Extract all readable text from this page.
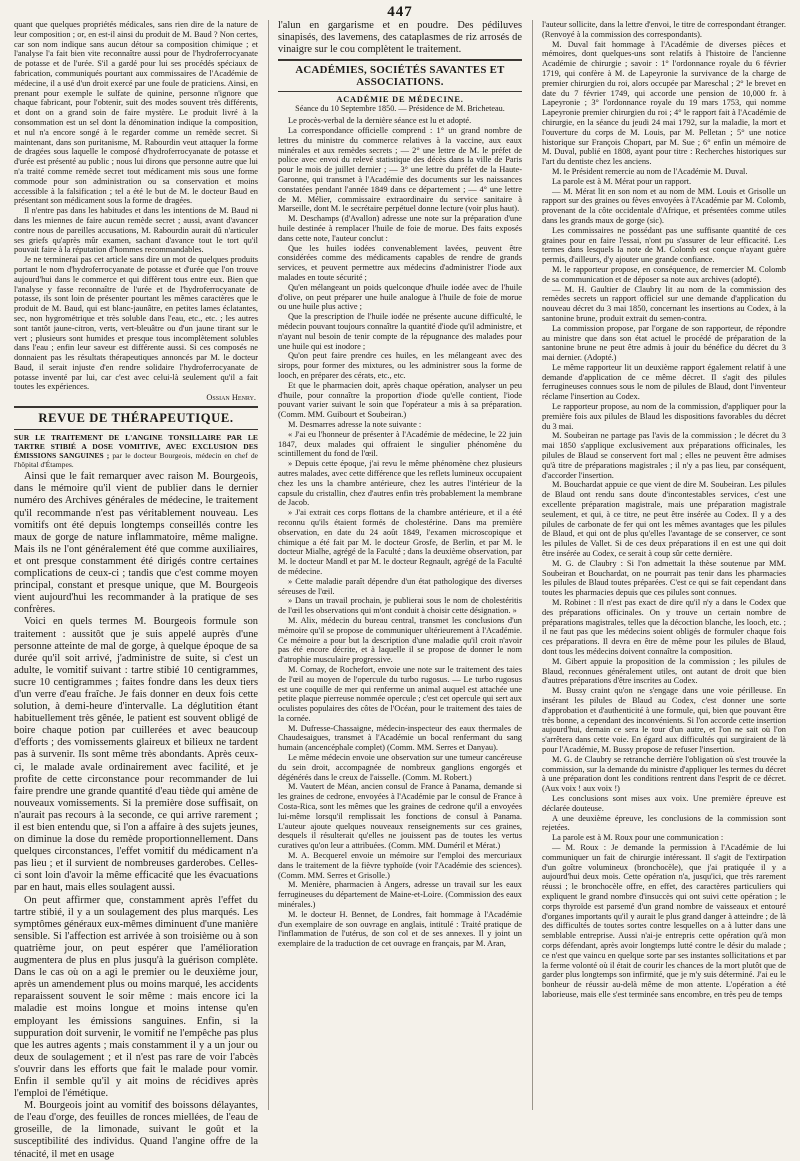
447

quant que quelques propriétés médicales, sans rien dire de la nature de leur composition ; or, en est-il ainsi du produit de M. Baud ? Non certes, car son nom indique sans aucun détour sa composition chimique ; et l'analyse l'a fait bien vite reconnaître aussi pour de l'hydroferrocyanate de potasse et de l'urée. S'il a gardé pour lui ses procédés spéciaux de fabrication, communiqués pourtant aux commissaires de l'Académie de médecine, il a usé d'un droit exercé par une foule de praticiens. Ainsi, en prenant pour exemple le sulfate de quinine, personne n'ignore que chaque fabricant, pour l'obtenir, suit des modes souvent très différents, et dont on a grand soin de faire mystère. Le produit livré à la consommation est un sel dont la dénomination indique la composition, et nul n'a encore songé à le regarder comme un remède secret. Si maintenant, dans son puritanisme, M. Rabourdin veut attaquer la forme de dragées sous laquelle le composé d'hydroferrocyanate de potasse et d'urée est présenté au public ; nous lui dirons que personne autre que lui n'a traité comme remède secret tout médicament mis sous une forme commode pour son administration ou sa conservation et moins accessible à la falsification ; tel a été le but de M. le docteur Baud en présentant son médicament sous la forme de dragées.

Il n'entre pas dans les habitudes et dans les intentions de M. Baud ni dans les miennes de faire aucun remède secret ; aussi, avant d'avancer contre nous de pareilles accusations, M. Rabourdin aurait dû n'articuler ses griefs qu'après mûr examen, sachant d'avance tout le tort qu'il pouvait faire à la réputation d'hommes recommandables.

Je ne terminerai pas cet article sans dire un mot de quelques produits portant le nom d'hydroferrocyanate de potasse et d'urée que l'on trouve aujourd'hui dans le commerce et qui diffèrent tous entre eux. Bien que l'analyse y fasse reconnaître de l'urée et de l'hydroferrocyanate de potasse, ils sont loin de présenter pourtant les mêmes caractères que le produit de M. Baud, qui est blanc-jaunâtre, en petites lames éclatantes, sec, non hygrométrique et très soluble dans l'eau, etc., etc. ; les autres sont tantôt jaune-citron, verts, vert-bleuâtre ou d'un jaune tirant sur le vert ; plusieurs sont humides et presque tous incomplètement solubles dans l'eau ; enfin leur saveur est différente aussi. Si ces composés ne donnaient pas les résultats thérapeutiques annoncés par M. le docteur Baud, il serait injuste d'en rendre solidaire l'hydroferrocyanate de potasse inventé par lui, car c'est avec celui-là seulement qu'il a fait toutes les expériences.

Ossian Henry.
REVUE DE THÉRAPEUTIQUE.
SUR LE TRAITEMENT DE L'ANGINE TONSILLAIRE PAR LE TARTRE STIBIÉ A DOSE VOMITIVE, AVEC EXCLUSION DES ÉMISSIONS SANGUINES ; par le docteur Bourgeois, médecin en chef de l'hôpital d'Étampes.

Ainsi que le fait remarquer avec raison M. Bourgeois, dans le mémoire qu'il vient de publier dans le dernier numéro des Archives générales de médecine, le traitement qu'il recommande n'est pas véritablement nouveau. Les vomitifs ont été depuis longtemps conseillés contre les maux de gorge de nature inflammatoire, même maligne. Mais ils ne l'ont généralement été que comme auxiliaires, et ont presque constamment été dirigés contre certaines complications de ceux-ci ; tandis que c'est comme moyen principal, constant et presque unique, que M. Bourgeois vient aujourd'hui les recommander à la pratique de ses confrères.

Voici en quels termes M. Bourgeois formule son traitement : aussitôt que je suis appelé auprès d'une personne atteinte de mal de gorge, à quelque époque de sa durée qu'il soit arrivé, j'administre de suite, si c'est un adulte, le vomitif suivant : tartre stibié 10 centigrammes, sucre 10 centigrammes ; faites fondre dans les deux tiers d'un verre d'eau fraîche. Je fais donner en deux fois cette solution, à demi-heure d'intervalle. La déglutition étant habituellement très gênée, le patient est souvent obligé de boire chaque potion par cuillerées et avec beaucoup d'efforts ; des vomissements glaireux et bilieux ne tardent pas à survenir. Ils sont même très abondants. Après ceux-ci, le malade avale ordinairement avec facilité, et je profite de cette circonstance pour recommander de lui faire prendre une grande quantité d'eau tiède qui amène de nouveaux vomissements. Si la première dose suffisait, on n'aurait pas recours à la seconde, ce qui arrive rarement ; il est bien entendu que, si l'on a affaire à des sujets jeunes, on diminue la dose du remède proportionnellement. Dans quelques circonstances, l'effet vomitif du médicament n'a pas lieu ; et il survient de nombreuses garderobes. Celles-ci sont loin d'avoir la même efficacité que les évacuations par en haut, mais elles soulagent aussi.

On peut affirmer que, constamment après l'effet du tartre stibié, il y a un soulagement des plus marqués. Les symptômes généraux eux-mêmes diminuent d'une manière sensible. Si l'affection est arrivée à son troisième ou à son quatrième jour, on peut espérer que l'amélioration augmentera de plus en plus jusqu'à la guérison complète. Dans le cas où on a agi le premier ou le deuxième jour, après un amendement plus ou moins marqué, les accidents reparaissent souvent le soir même : mais encore ici la maladie est moins longue et moins intense qu'en employant les émissions sanguines. Enfin, si la suppuration doit survenir, le vomitif ne l'empêche pas plus que les autres agents ; mais constamment il y a un jour ou deux de soulagement ; et il n'est pas rare de voir l'abcès s'ouvrir dans les efforts que fait le malade pour vomir. Enfin il semble qu'il y ait moins de récidives après l'emploi de l'émétique.

M. Bourgeois joint au vomitif des boissons délayantes, de l'eau d'orge, des feuilles de ronces miellées, de l'eau de groseille, de la limonade, suivant le goût et la susceptibilité des individus. Quand l'angine offre de la ténacité, il met en usage

l'alun en gargarisme et en poudre. Des pédiluves sinapisés, des lavemens, des cataplasmes de riz arrosés de vinaigre sur le cou complètent le traitement.

ACADÉMIES, SOCIÉTÉS SAVANTES ET ASSOCIATIONS.
ACADÉMIE DE MÉDECINE.
Séance du 10 Septembre 1850. — Présidence de M. Bricheteau.

Le procès-verbal de la dernière séance est lu et adopté.

La correspondance officielle comprend : 1° un grand nombre de lettres du ministre du commerce relatives à la vaccine, aux eaux minérales et aux remèdes secrets ; — 2° une lettre de M. le préfet de police avec envoi du relevé statistique des décès dans la ville de Paris pour le mois de juillet dernier ; — 3° une lettre du préfet de la Haute-Garonne, qui transmet à l'Académie des documents sur les naissances constatées pendant l'année 1849 dans ce département ; — 4° une lettre de M. Mélier, commissaire extraordinaire du service sanitaire à Marseille, dont M. le secrétaire perpétuel donne lecture (voir plus haut).

M. Deschamps (d'Avallon) adresse une note sur la préparation d'une huile destinée à remplacer l'huile de foie de morue. Des faits exposés dans cette note, l'auteur conclut :

Que les huiles iodées convenablement lavées, peuvent être considérées comme des médicaments capables de rendre de grands services, et peuvent permettre aux médecins d'administrer l'iode aux malades en toute sécurité ;

Qu'en mélangeant un poids quelconque d'huile iodée avec de l'huile d'olive, on peut préparer une huile analogue à l'huile de foie de morue ou une huile plus active ;

Que la prescription de l'huile iodée ne présente aucune difficulté, le médecin pouvant toujours connaître la quantité d'iode qu'il administre, et n'ayant nul besoin de tenir compte de la répugnance des malades pour une huile qui est inodore ;

Qu'on peut faire prendre ces huiles, en les mélangeant avec des sirops, pour former des mixtures, ou les administrer sous la forme de looch, en préparer des cérats, etc., etc.

Et que le pharmacien doit, après chaque opération, analyser un peu d'huile, pour connaître la proportion d'iode qu'elle contient, l'iode pouvant varier suivant le soin que l'opérateur a mis à sa préparation. (Comm. MM. Guibourt et Soubeiran.)

M. Desmarres adresse la note suivante :

« J'ai eu l'honneur de présenter à l'Académie de médecine, le 22 juin 1847, deux malades qui offraient le singulier phénomène du scintillement du fond de l'œil.

» Depuis cette époque, j'ai revu le même phénomène chez plusieurs autres malades, avec cette différence que les reflets lumineux occupaient chez les uns la chambre antérieure, chez les autres l'intérieur de la capsule du cristallin, chez d'autres enfin très probablement la membrane de Jacob.

» J'ai extrait ces corps flottans de la chambre antérieure, et il a été reconnu qu'ils étaient formés de cholestérine. Dans ma première observation, en date du 24 août 1849, l'examen microscopique et chimique a été fait par M. le docteur Grosfe, de Berlin, et par M. le docteur Mialhe, agrégé de la Faculté ; dans la deuxième observation, par M. le docteur Mandl et par M. le docteur Regnault, agrégé de la Faculté de médecine.

» Cette maladie paraît dépendre d'un état pathologique des diverses séreuses de l'œil.

» Dans un travail prochain, je publierai sous le nom de cholestéritis de l'œil les observations qui m'ont conduit à choisir cette désignation. »

M. Alix, médecin du bureau central, transmet les conclusions d'un mémoire qu'il se propose de communiquer ultérieurement à l'Académie. Ce mémoire a pour but la description d'une maladie qu'il croit n'avoir pas été encore décrite, et à laquelle il se propose de donner le nom d'atrophie musculaire progressive.

M. Cornay, de Rochefort, envoie une note sur le traitement des taies de l'œil au moyen de l'opercule du turbo rugosus. — Le turbo rugosus est une coquille de mer qui renferme un animal auquel est attachée une petite plaque pierreuse nommée opercule ; c'est cet opercule qui sert aux oculistes populaires des côtes de l'Océan, pour le traitement des taies de la cornée.

M. Dufresse-Chassaigne, médecin-inspecteur des eaux thermales de Chaudesaigues, transmet à l'Académie un bocal renfermant du sang humain (ancencéphale complet) (Comm. MM. Serres et Danyau).

Le même médecin envoie une observation sur une tumeur cancéreuse du sein droit, accompagnée de nombreux ganglions engorgés et dégénérés dans le creux de l'aisselle. (Comm. M. Robert.)

M. Vautert de Méan, ancien consul de France à Panama, demande si les graines de cedrone, envoyées à l'Académie par le consul de France à Costa-Rica, sont les mêmes que les graines de cedrone qu'il a envoyées lui-même lorsqu'il remplissait les fonctions de consul à Panama. L'auteur ajoute quelques nouveaux renseignements sur ces graines, desquels il résulterait qu'elles ne jouissent pas de toutes les vertus curatives qu'on leur a attribuées. (Comm. MM. Duméril et Mérat.)

M. A. Becquerel envoie un mémoire sur l'emploi des mercuriaux dans le traitement de la fièvre typhoïde (voir l'Académie des sciences). (Comm. MM. Serres et Grisolle.)

M. Menière, pharmacien à Angers, adresse un travail sur les eaux ferrugineuses du département de Maine-et-Loire. (Commission des eaux minérales.)

M. le docteur H. Bennet, de Londres, fait hommage à l'Académie d'un exemplaire de son ouvrage en anglais, intitulé : Traité pratique de l'inflammation de l'utérus, de son col et de ses annexes. Il y joint un exemplaire de la traduction de cet ouvrage en français, par M. Aran,

l'auteur sollicite, dans la lettre d'envoi, le titre de correspondant étranger. (Renvoyé à la commission des correspondants).

M. Duval fait hommage à l'Académie de diverses pièces et mémoires, dont quelques-uns sont relatifs à l'histoire de l'ancienne Académie de chirurgie ; savoir : 1° l'ordonnance royale du 6 février 1719, qui confère à M. de Lapeyronie la survivance de la charge de premier chirurgien du roi, alors occupée par Mareschal ; 2° le brevet en date du 7 février 1749, qui accorde une pension de 10,000 fr. à Lapeyronie ; 3° l'ordonnance royale du 19 mars 1753, qui nomme Lapeyronie premier chirurgien du roi ; 4° le rapport fait à l'Académie de chirurgie, en la séance du jeudi 24 mai 1792, sur la maladie, la mort et l'ouverture du corps de M. Louis, par M. Pelletan ; 5° une notice historique sur François Chopart, par M. Sue ; 6° enfin un mémoire de M. Duval, publié en 1808, ayant pour titre : Recherches historiques sur l'art du dentiste chez les anciens.

M. le Président remercie au nom de l'Académie M. Duval.

La parole est à M. Mérat pour un rapport.

— M. Mérat lit en son nom et au nom de MM. Louis et Grisolle un rapport sur des graines ou fèves envoyées à l'Académie par M. Colomb, provenant de la côte occidentale d'Afrique, et présentées comme utiles dans les grands maux de gorge (sic).

Les commissaires ne possédant pas une suffisante quantité de ces graines pour en faire l'essai, n'ont pu s'assurer de leur efficacité. Les termes dans lesquels la note de M. Colomb est conçue n'ayant guère permis, d'ailleurs, d'y ajouter une grande confiance.

M. le rapporteur propose, en conséquence, de remercier M. Colomb de sa communication et de déposer sa note aux archives (adopté).

— M. H. Gaultier de Claubry lit au nom de la commission des remèdes secrets un rapport officiel sur une demande d'application du nouveau décret du 3 mai 1850, concernant les insertions au Codex, à la santonine brune, produit extrait du semen-contra.

La commission propose, par l'organe de son rapporteur, de répondre au ministre que dans son état actuel le procédé de préparation de la santonine brune ne peut être admis à jouir du bénéfice du décret du 3 mai dernier. (Adopté.)

Le même rapporteur lit un deuxième rapport également relatif à une demande d'application de ce même décret. Il s'agit des pilules ferrugineuses connues sous le nom de pilules de Blaud, dont l'inventeur réclame l'insertion au Codex.

Le rapporteur propose, au nom de la commission, d'appliquer pour la première fois aux pilules de Blaud les dispositions favorables du décret du 3 mai.

M. Soubeiran ne partage pas l'avis de la commission ; le décret du 3 mai 1850 s'applique exclusivement aux préparations officinales, les pilules de Blaud se conservent fort mal ; elles ne peuvent être admises qu'à titre de préparations magistrales ; il n'y a pas lieu, par conséquent, d'accorder l'insertion.

M. Bouchardat appuie ce que vient de dire M. Soubeiran. Les pilules de Blaud ont rendu sans doute d'incontestables services, c'est une excellente préparation magistrale, mais une préparation magistrale seulement, et qui, à ce titre, ne peut être insérée au Codex. Il y a des pilules de carbonate de fer qui ont les mêmes avantages que les pilules de Blaud, et qui ont de plus qu'elles l'avantage de se conserver, ce sont les pilules de Vallet. Si de ces deux préparations il en est une qui doit être insérée au Codex, ce serait à coup sûr cette dernière.

M. G. de Claubry : Si l'on admettait la thèse soutenue par MM. Soubeiran et Bouchardat, on ne pourrait pas tenir dans les pharmacies les pilules de Blaud toutes préparées. C'est ce qui se fait cependant dans toutes les pharmacies depuis que ces pilules sont connues.

M. Robinet : Il n'est pas exact de dire qu'il n'y a dans le Codex que des préparations officinales. On y trouve un certain nombre de préparations magistrales, telles que la décoction blanche, les looch, etc. ; il ne faut pas que les médecins soient obligés de formuler chaque fois ces préparations. Il devra en être de même pour les pilules de Blaud, dont tous les médecins doivent connaître la composition.

M. Gibert appuie la proposition de la commission ; les pilules de Blaud, reconnues généralement utiles, ont autant de droit que bien d'autres préparations d'être inscrites au Codex.

M. Bussy craint qu'on ne s'engage dans une voie périlleuse. En insérant les pilules de Blaud au Codex, c'est donner une sorte d'approbation et d'authenticité à une formule, qui, bien que pouvant être très bonne, a cependant des inconvénients. Si l'on accorde cette insertion aujourd'hui, demain ce sera le tour d'un autre, et l'on ne sait où l'on s'arrêtera dans cette voie. En égard aux difficultés qui surgiraient de là pour l'Académie, M. Bussy propose de refuser l'insertion.

M. G. de Claubry se retranche derrière l'obligation où s'est trouvée la commission, sur la demande du ministre d'appliquer les termes du décret à une préparation dont les conditions rentrent dans l'esprit de ce décret. (Aux voix ! aux voix !)

Les conclusions sont mises aux voix. Une première épreuve est déclarée douteuse.

A une deuxième épreuve, les conclusions de la commission sont rejetées.

La parole est à M. Roux pour une communication :

— M. Roux : Je demande la permission à l'Académie de lui communiquer un fait de chirurgie intéressant. Il s'agit de l'extirpation d'un goître volumineux (bronchocèle), que j'ai pratiquée il y a aujourd'hui deux mois. Cette opération n'a, jusqu'ici, que très rarement réussi ; le bronchocèle offre, en effet, des caractères particuliers qui expliquent le grand nombre d'insuccès qui ont suivi cette opération ; le corps thyroïde est parsemé d'un grand nombre de vaisseaux et entouré d'organes importants qu'il y aurait le plus grand danger à atteindre ; de là des difficultés de toutes sortes contre lesquelles on a à lutter dans une semblable entreprise. Aussi n'ai-je entrepris cette opération qu'à mon corps défendant, après avoir longtemps lutté contre le désir du malade ; ce n'est que vaincu en quelque sorte par ses instantes sollicitations et par la ferme volonté où il était de courir les chances de la mort plutôt que de garder plus longtemps son infirmité, que je m'y suis déterminé. J'ai eu le bonheur de réussir au-delà même de mon attente. L'opération a été laborieuse, mais elle s'est terminée sans encombre, en très peu de temps
